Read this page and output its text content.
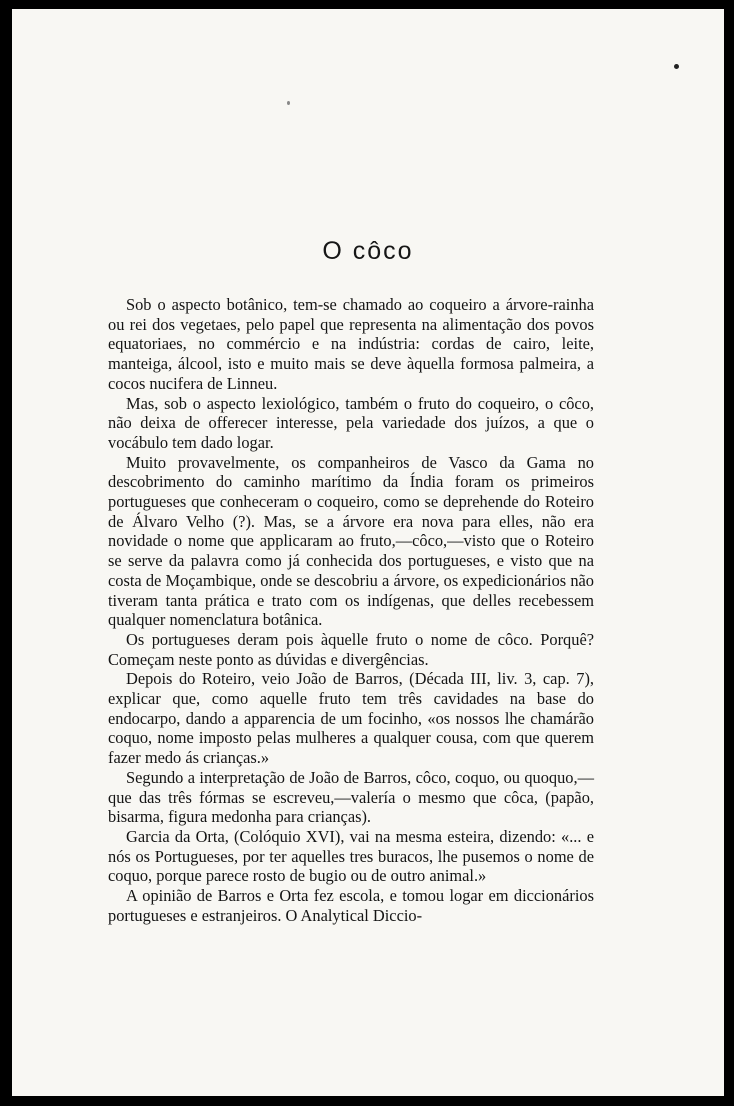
O côco

Sob o aspecto botânico, tem-se chamado ao coqueiro a árvore-rainha ou rei dos vegetaes, pelo papel que representa na alimentação dos povos equatoriaes, no commércio e na indústria: cordas de cairo, leite, manteiga, álcool, isto e muito mais se deve àquella formosa palmeira, a cocos nucifera de Linneu.

Mas, sob o aspecto lexiológico, também o fruto do coqueiro, o côco, não deixa de offerecer interesse, pela variedade dos juízos, a que o vocábulo tem dado logar.

Muito provavelmente, os companheiros de Vasco da Gama no descobrimento do caminho marítimo da Índia foram os primeiros portugueses que conheceram o coqueiro, como se deprehende do Roteiro de Álvaro Velho (?). Mas, se a árvore era nova para elles, não era novidade o nome que applicaram ao fruto,—côco,—visto que o Roteiro se serve da palavra como já conhecida dos portugueses, e visto que na costa de Moçambique, onde se descobriu a árvore, os expedicionários não tiveram tanta prática e trato com os indígenas, que delles recebessem qualquer nomenclatura botânica.

Os portugueses deram pois àquelle fruto o nome de côco. Porquê? Começam neste ponto as dúvidas e divergências.

Depois do Roteiro, veio João de Barros, (Década III, liv. 3, cap. 7), explicar que, como aquelle fruto tem três cavidades na base do endocarpo, dando a apparencia de um focinho, «os nossos lhe chamárão coquo, nome imposto pelas mulheres a qualquer cousa, com que querem fazer medo ás crianças.»

Segundo a interpretação de João de Barros, côco, coquo, ou quoquo,—que das três fórmas se escreveu,—valería o mesmo que côca, (papão, bisarma, figura medonha para crianças).

Garcia da Orta, (Colóquio XVI), vai na mesma esteira, dizendo: «... e nós os Portugueses, por ter aquelles tres buracos, lhe pusemos o nome de coquo, porque parece rosto de bugio ou de outro animal.»

A opinião de Barros e Orta fez escola, e tomou logar em diccionários portugueses e estranjeiros. O Analytical Diccio-
